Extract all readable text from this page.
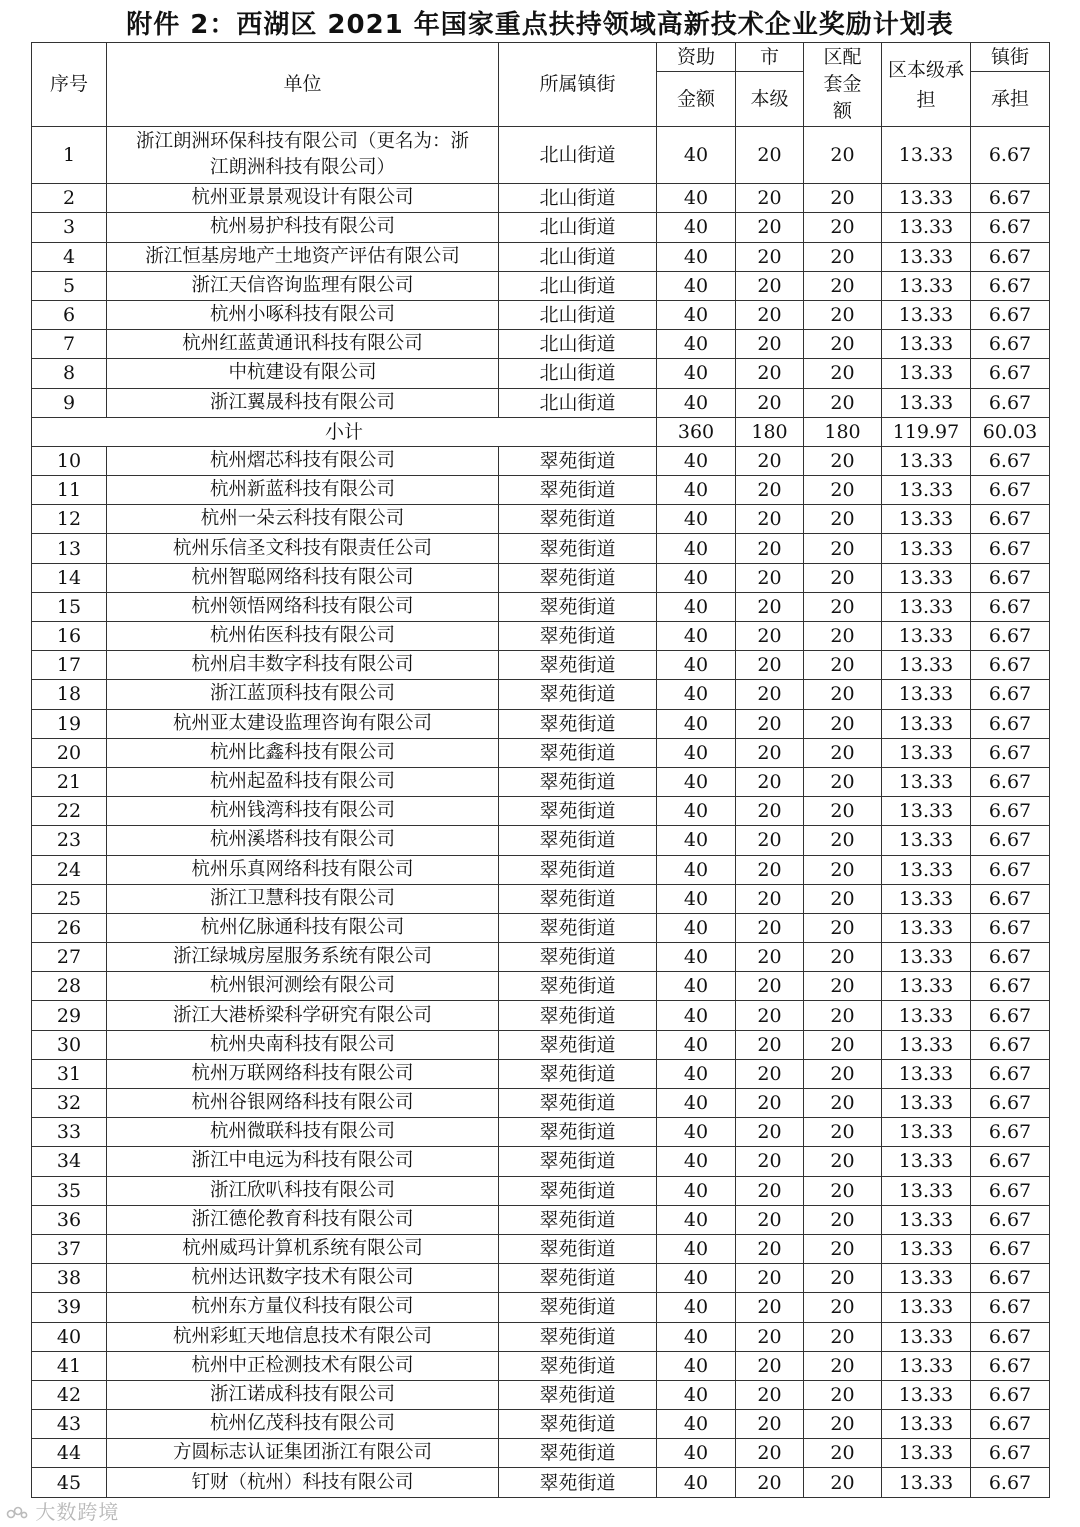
附件 2：西湖区 2021 年国家重点扶持领域高新技术企业奖励计划表
序号	单位	所属镇街	资助	市	区配套金额	区本级承担	镇街
			金额	本级			承担
1	浙江朗洲环保科技有限公司（更名为：浙江朗洲科技有限公司）	北山街道	40	20	20	13.33	6.67
2	杭州亚景景观设计有限公司	北山街道	40	20	20	13.33	6.67
3	杭州易护科技有限公司	北山街道	40	20	20	13.33	6.67
4	浙江恒基房地产土地资产评估有限公司	北山街道	40	20	20	13.33	6.67
5	浙江天信咨询监理有限公司	北山街道	40	20	20	13.33	6.67
6	杭州小啄科技有限公司	北山街道	40	20	20	13.33	6.67
7	杭州红蓝黄通讯科技有限公司	北山街道	40	20	20	13.33	6.67
8	中杭建设有限公司	北山街道	40	20	20	13.33	6.67
9	浙江翼晟科技有限公司	北山街道	40	20	20	13.33	6.67
小计			360	180	180	119.97	60.03
10	杭州熠芯科技有限公司	翠苑街道	40	20	20	13.33	6.67
11	杭州新蓝科技有限公司	翠苑街道	40	20	20	13.33	6.67
12	杭州一朵云科技有限公司	翠苑街道	40	20	20	13.33	6.67
13	杭州乐信圣文科技有限责任公司	翠苑街道	40	20	20	13.33	6.67
14	杭州智聪网络科技有限公司	翠苑街道	40	20	20	13.33	6.67
15	杭州领悟网络科技有限公司	翠苑街道	40	20	20	13.33	6.67
16	杭州佑医科技有限公司	翠苑街道	40	20	20	13.33	6.67
17	杭州启丰数字科技有限公司	翠苑街道	40	20	20	13.33	6.67
18	浙江蓝顶科技有限公司	翠苑街道	40	20	20	13.33	6.67
19	杭州亚太建设监理咨询有限公司	翠苑街道	40	20	20	13.33	6.67
20	杭州比鑫科技有限公司	翠苑街道	40	20	20	13.33	6.67
21	杭州起盈科技有限公司	翠苑街道	40	20	20	13.33	6.67
22	杭州钱湾科技有限公司	翠苑街道	40	20	20	13.33	6.67
23	杭州溪塔科技有限公司	翠苑街道	40	20	20	13.33	6.67
24	杭州乐真网络科技有限公司	翠苑街道	40	20	20	13.33	6.67
25	浙江卫慧科技有限公司	翠苑街道	40	20	20	13.33	6.67
26	杭州亿脉通科技有限公司	翠苑街道	40	20	20	13.33	6.67
27	浙江绿城房屋服务系统有限公司	翠苑街道	40	20	20	13.33	6.67
28	杭州银河测绘有限公司	翠苑街道	40	20	20	13.33	6.67
29	浙江大港桥梁科学研究有限公司	翠苑街道	40	20	20	13.33	6.67
30	杭州央南科技有限公司	翠苑街道	40	20	20	13.33	6.67
31	杭州万联网络科技有限公司	翠苑街道	40	20	20	13.33	6.67
32	杭州谷银网络科技有限公司	翠苑街道	40	20	20	13.33	6.67
33	杭州微联科技有限公司	翠苑街道	40	20	20	13.33	6.67
34	浙江中电远为科技有限公司	翠苑街道	40	20	20	13.33	6.67
35	浙江欣叭科技有限公司	翠苑街道	40	20	20	13.33	6.67
36	浙江德伦教育科技有限公司	翠苑街道	40	20	20	13.33	6.67
37	杭州威玛计算机系统有限公司	翠苑街道	40	20	20	13.33	6.67
38	杭州达讯数字技术有限公司	翠苑街道	40	20	20	13.33	6.67
39	杭州东方量仪科技有限公司	翠苑街道	40	20	20	13.33	6.67
40	杭州彩虹天地信息技术有限公司	翠苑街道	40	20	20	13.33	6.67
41	杭州中正检测技术有限公司	翠苑街道	40	20	20	13.33	6.67
42	浙江诺成科技有限公司	翠苑街道	40	20	20	13.33	6.67
43	杭州亿茂科技有限公司	翠苑街道	40	20	20	13.33	6.67
44	方圆标志认证集团浙江有限公司	翠苑街道	40	20	20	13.33	6.67
45	钉财（杭州）科技有限公司	翠苑街道	40	20	20	13.33	6.67
大数跨境
